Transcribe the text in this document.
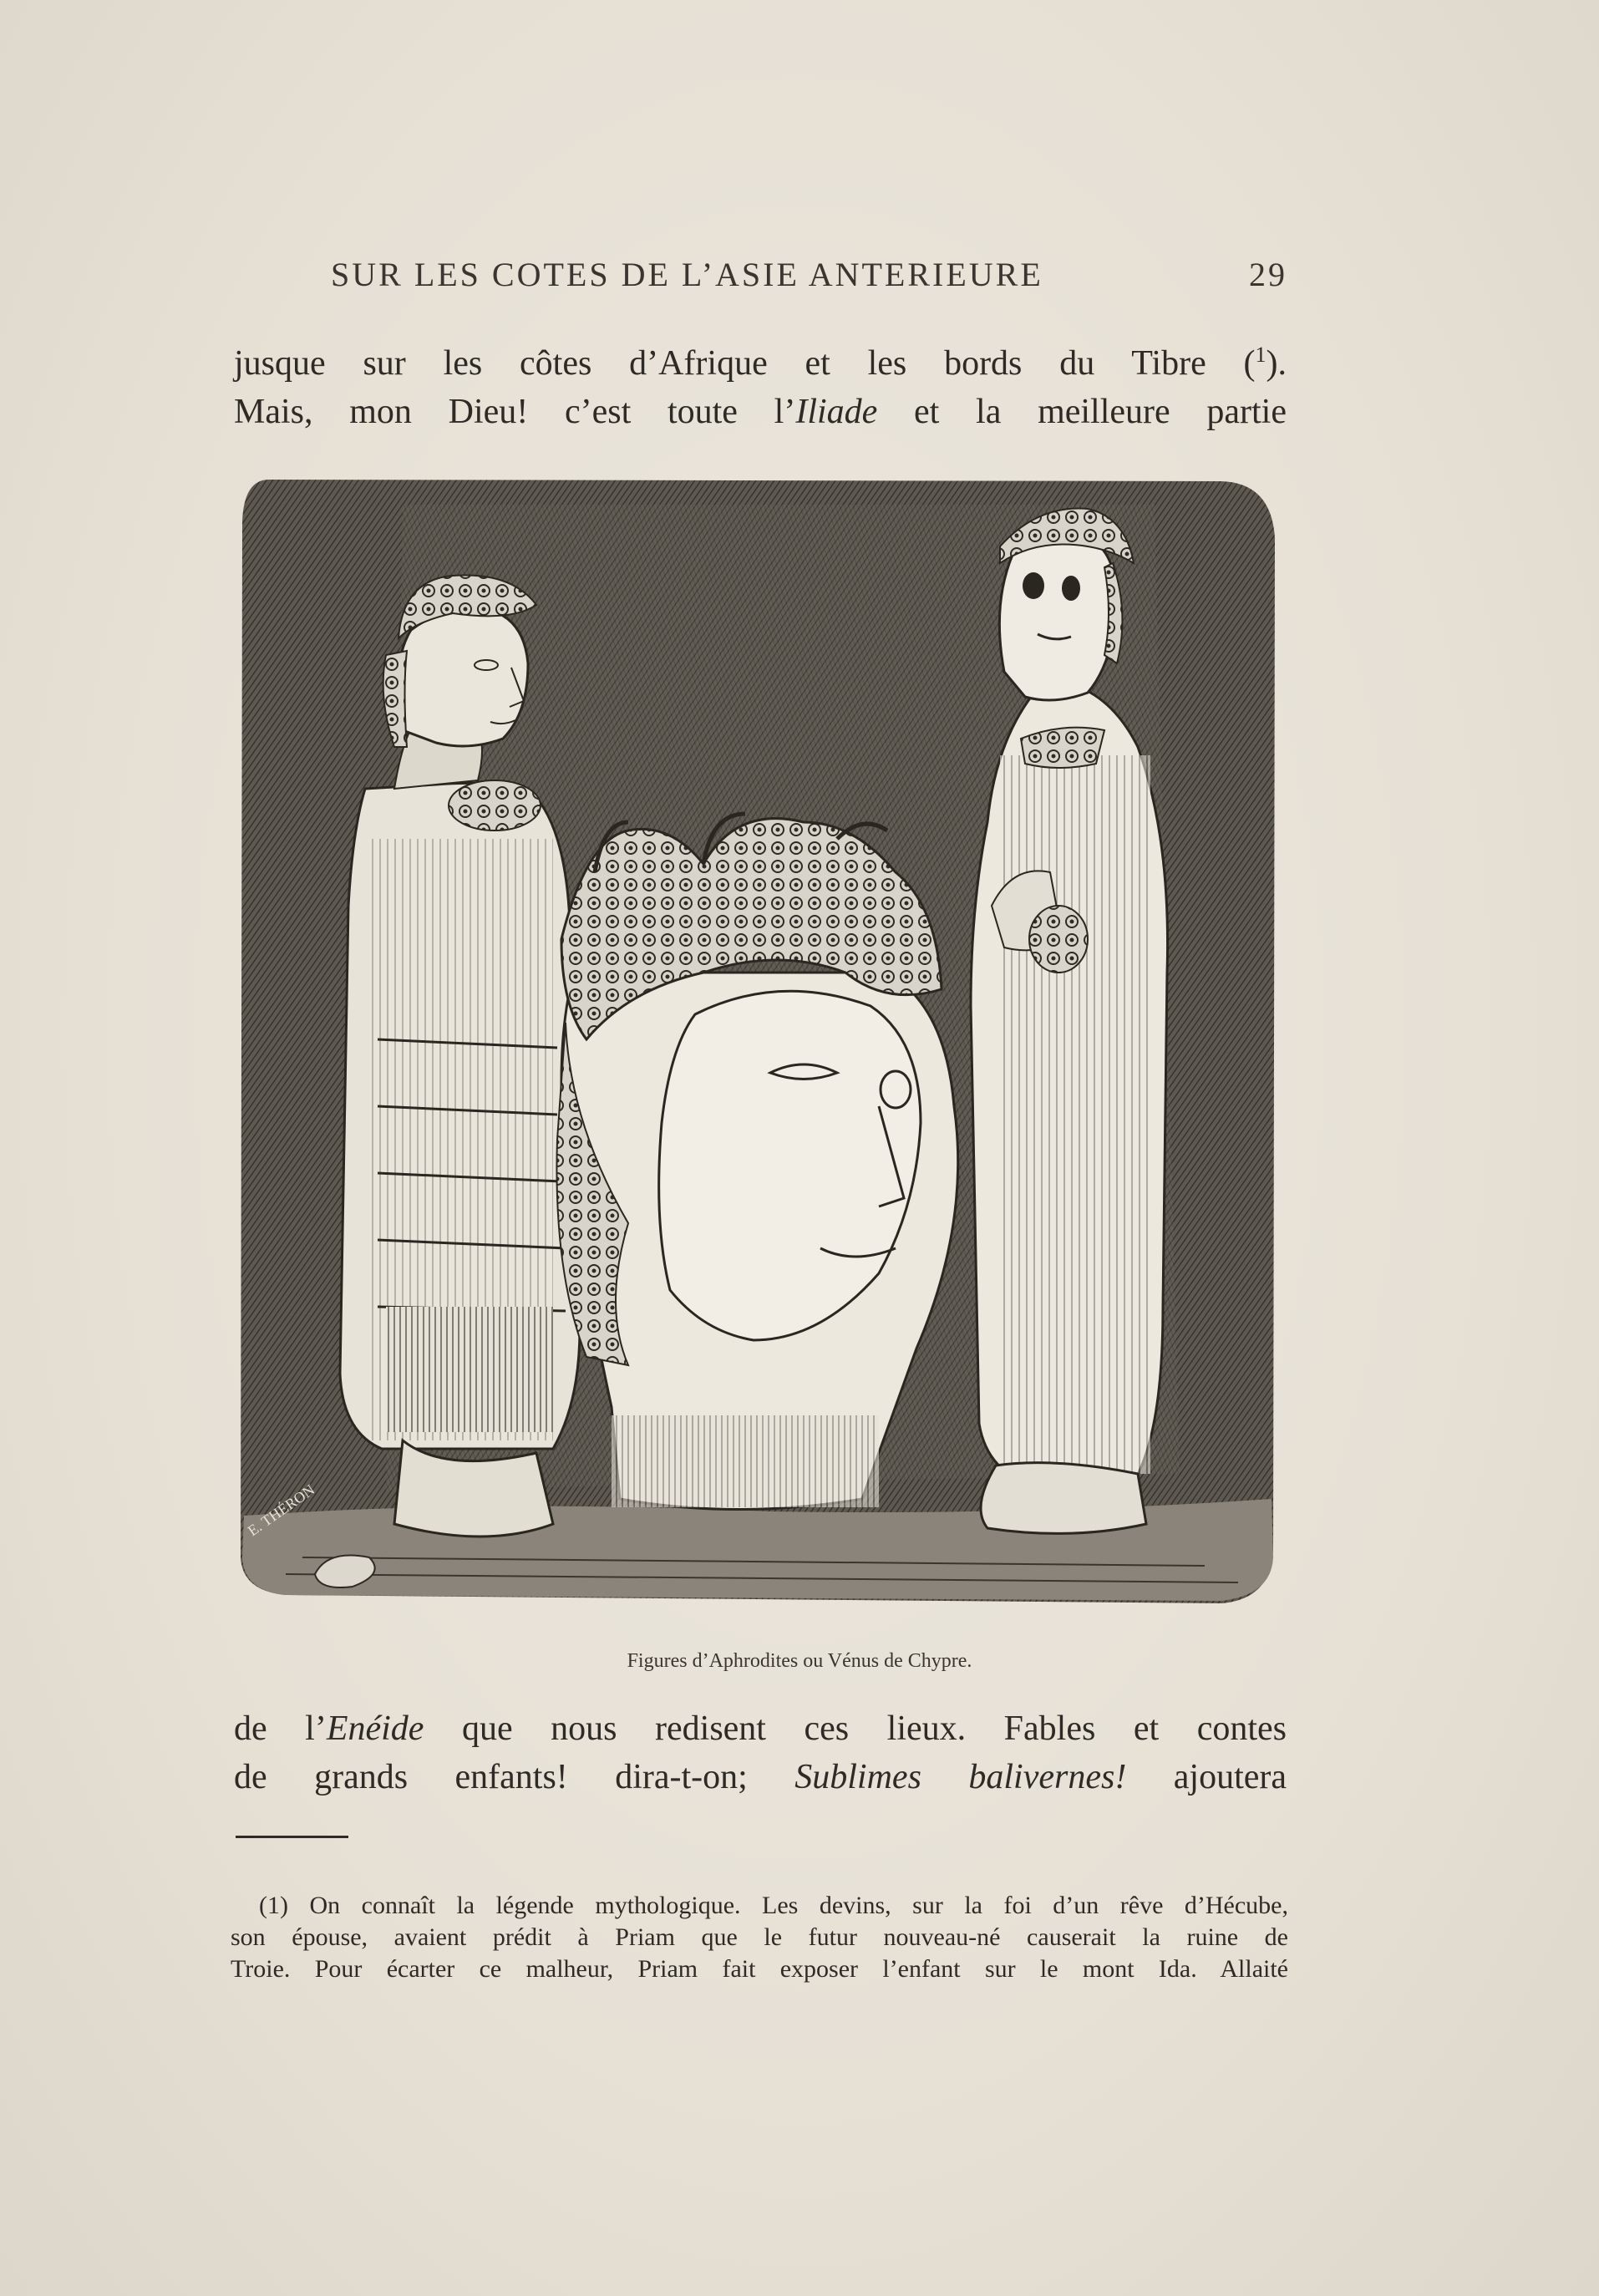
SUR LES COTES DE L’ASIE ANTERIEURE	29
jusque sur les côtes d’Afrique et les bords du Tibre ($^1$).
Mais, mon Dieu! c’est toute l’Iliade et la meilleure partie
E. THÉRON
Figures d’Aphrodites ou Vénus de Chypre.
de l’Enéide que nous redisent ces lieux. Fables et contes
de grands enfants! dira-t-on; Sublimes balivernes! ajoutera
(1) On connaît la légende mythologique. Les devins, sur la foi d’un rêve d’Hécube,
son épouse, avaient prédit à Priam que le futur nouveau-né causerait la ruine de
Troie. Pour écarter ce malheur, Priam fait exposer l’enfant sur le mont Ida. Allaité
